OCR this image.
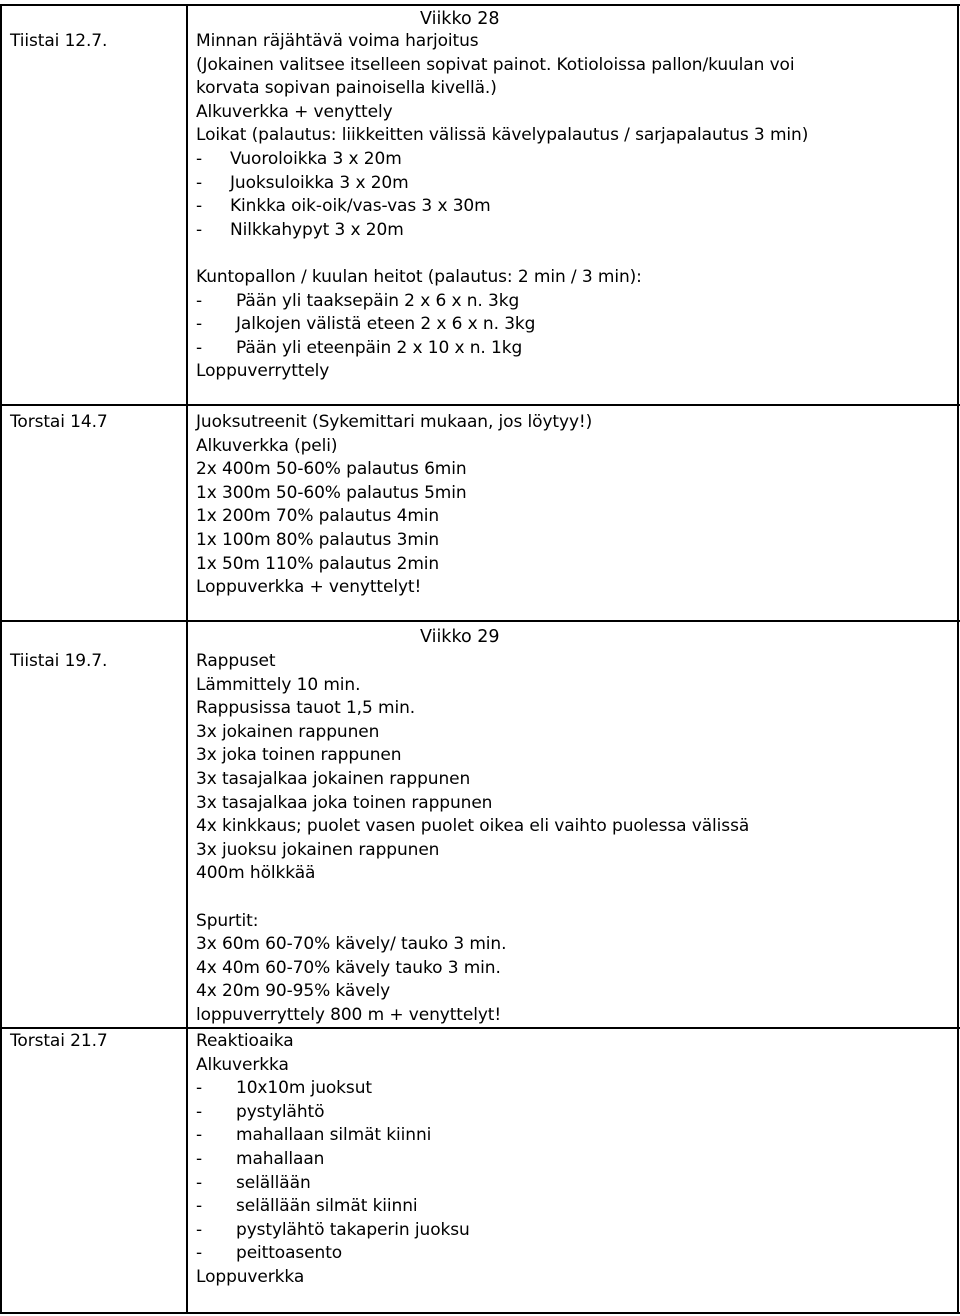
Viikko 28
Viikko 29
Tiistai 12.7.
Torstai 14.7
Tiistai 19.7.
Torstai 21.7
Minnan räjähtävä voima harjoitus
(Jokainen valitsee itselleen sopivat painot. Kotioloissa pallon/kuulan voi
korvata sopivan painoisella kivellä.)
Alkuverkka + venyttely
Loikat (palautus: liikkeitten välissä kävelypalautus / sarjapalautus 3 min)
- Vuoroloikka 3 x 20m
- Juoksuloikka 3 x 20m
- Kinkka oik-oik/vas-vas 3 x 30m
- Nilkkahypyt 3 x 20m
Kuntopallon / kuulan heitot (palautus: 2 min / 3 min):
- Pään yli taaksepäin 2 x 6 x n. 3kg
- Jalkojen välistä eteen 2 x 6 x n. 3kg
- Pään yli eteenpäin 2 x 10 x n. 1kg
Loppuverryttely
Juoksutreenit (Sykemittari mukaan, jos löytyy!)
Alkuverkka (peli)
2x 400m 50-60% palautus 6min
1x 300m 50-60% palautus 5min
1x 200m 70% palautus 4min
1x 100m 80% palautus 3min
1x 50m 110% palautus 2min
Loppuverkka + venyttelyt!
Rappuset
Lämmittely 10 min.
Rappusissa tauot 1,5 min.
3x jokainen rappunen
3x joka toinen rappunen
3x tasajalkaa jokainen rappunen
3x tasajalkaa joka toinen rappunen
4x kinkkaus; puolet vasen puolet oikea eli vaihto puolessa välissä
3x juoksu jokainen rappunen
400m hölkkää
Spurtit:
3x 60m 60-70% kävely/ tauko 3 min.
4x 40m 60-70% kävely tauko 3 min.
4x 20m 90-95% kävely
loppuverryttely 800 m + venyttelyt!
Reaktioaika
Alkuverkka
- 10x10m juoksut
- pystylähtö
- mahallaan silmät kiinni
- mahallaan
- selällään
- selällään silmät kiinni
- pystylähtö takaperin juoksu
- peittoasento
Loppuverkka
